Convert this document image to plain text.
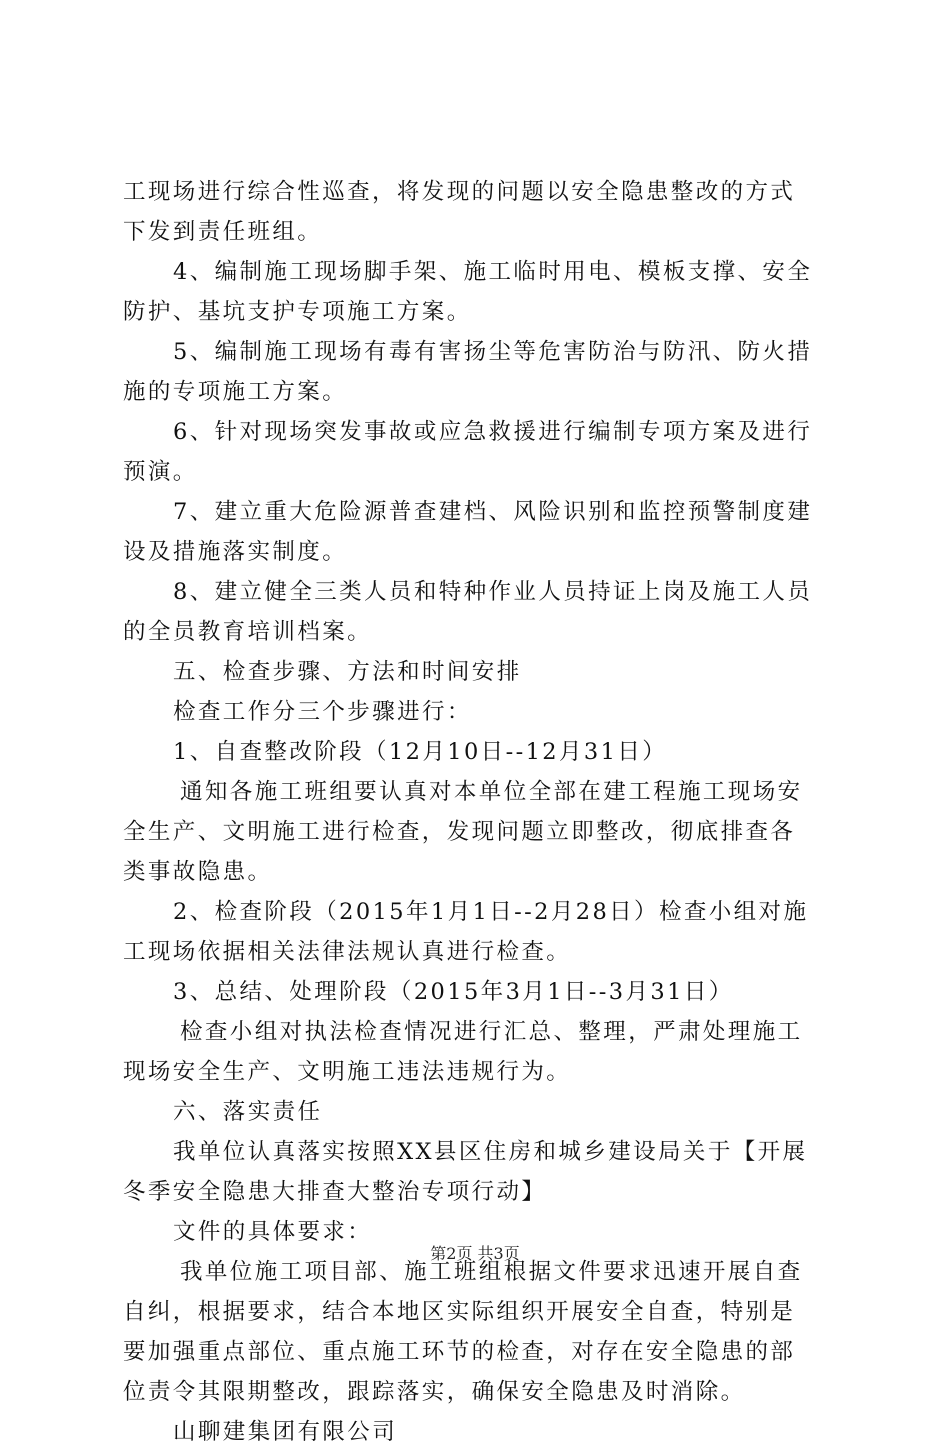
工现场进行综合性巡查，将发现的问题以安全隐患整改的方式
下发到责任班组。
4、编制施工现场脚手架、施工临时用电、模板支撑、安全
防护、基坑支护专项施工方案。
5、编制施工现场有毒有害扬尘等危害防治与防汛、防火措
施的专项施工方案。
6、针对现场突发事故或应急救援进行编制专项方案及进行
预演。
7、建立重大危险源普查建档、风险识别和监控预警制度建
设及措施落实制度。
8、建立健全三类人员和特种作业人员持证上岗及施工人员
的全员教育培训档案。
五、检查步骤、方法和时间安排
检查工作分三个步骤进行：
1、自查整改阶段（12月10日--12月31日）
通知各施工班组要认真对本单位全部在建工程施工现场安
全生产、文明施工进行检查，发现问题立即整改，彻底排查各
类事故隐患。
2、检查阶段（2015年1月1日--2月28日）检查小组对施
工现场依据相关法律法规认真进行检查。
3、总结、处理阶段（2015年3月1日--3月31日）
检查小组对执法检查情况进行汇总、整理，严肃处理施工
现场安全生产、文明施工违法违规行为。
六、落实责任
我单位认真落实按照XX县区住房和城乡建设局关于【开展
冬季安全隐患大排查大整治专项行动】
文件的具体要求：
我单位施工项目部、施工班组根据文件要求迅速开展自查
自纠，根据要求，结合本地区实际组织开展安全自查，特别是
要加强重点部位、重点施工环节的检查，对存在安全隐患的部
位责令其限期整改，跟踪落实，确保安全隐患及时消除。
山聊建集团有限公司
第2页 共3页
